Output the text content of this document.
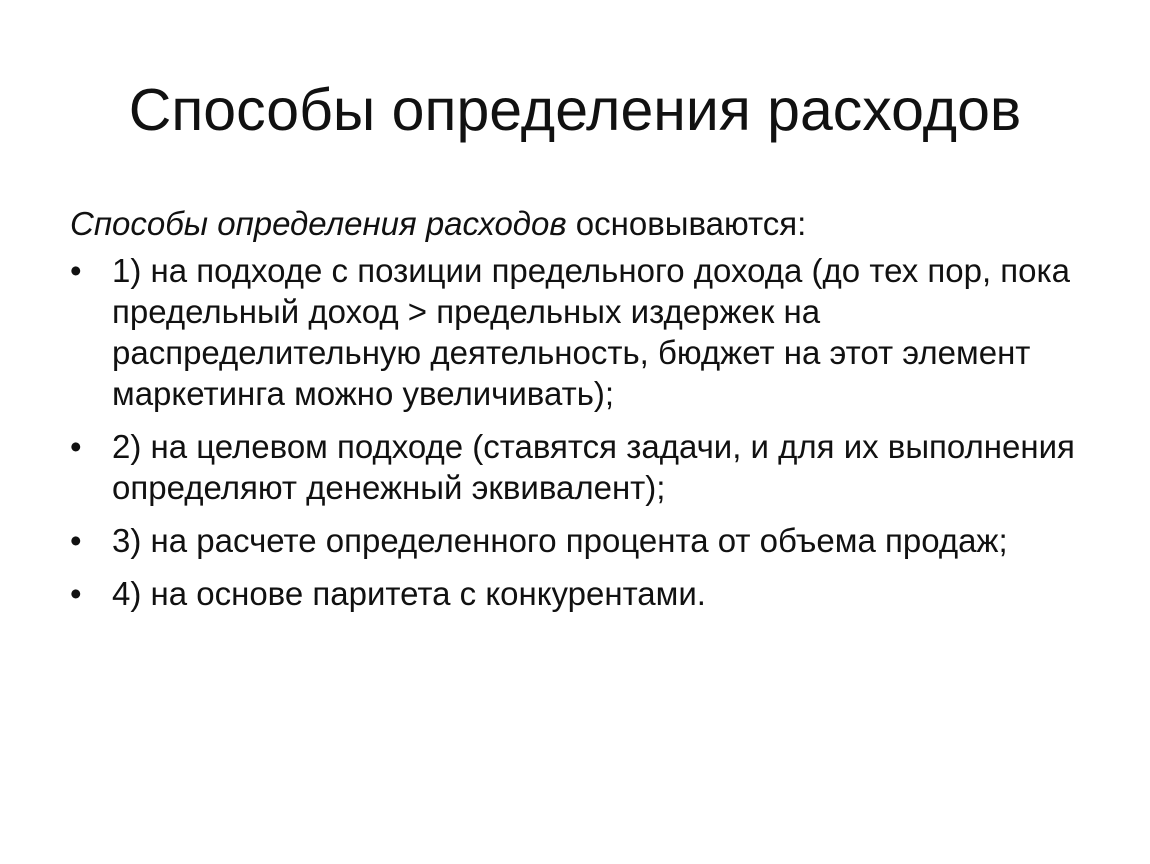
Способы определения расходов

Способы определения расходов основываются:

• 1) на подходе с позиции предельного дохода (до тех пор, пока предельный доход > предельных издержек на распределительную деятельность, бюджет на этот элемент маркетинга можно увеличивать);
• 2) на целевом подходе (ставятся задачи, и для их выполнения определяют денежный эквивалент);
• 3) на расчете определенного процента от объема продаж;
• 4) на основе паритета с конкурентами.
